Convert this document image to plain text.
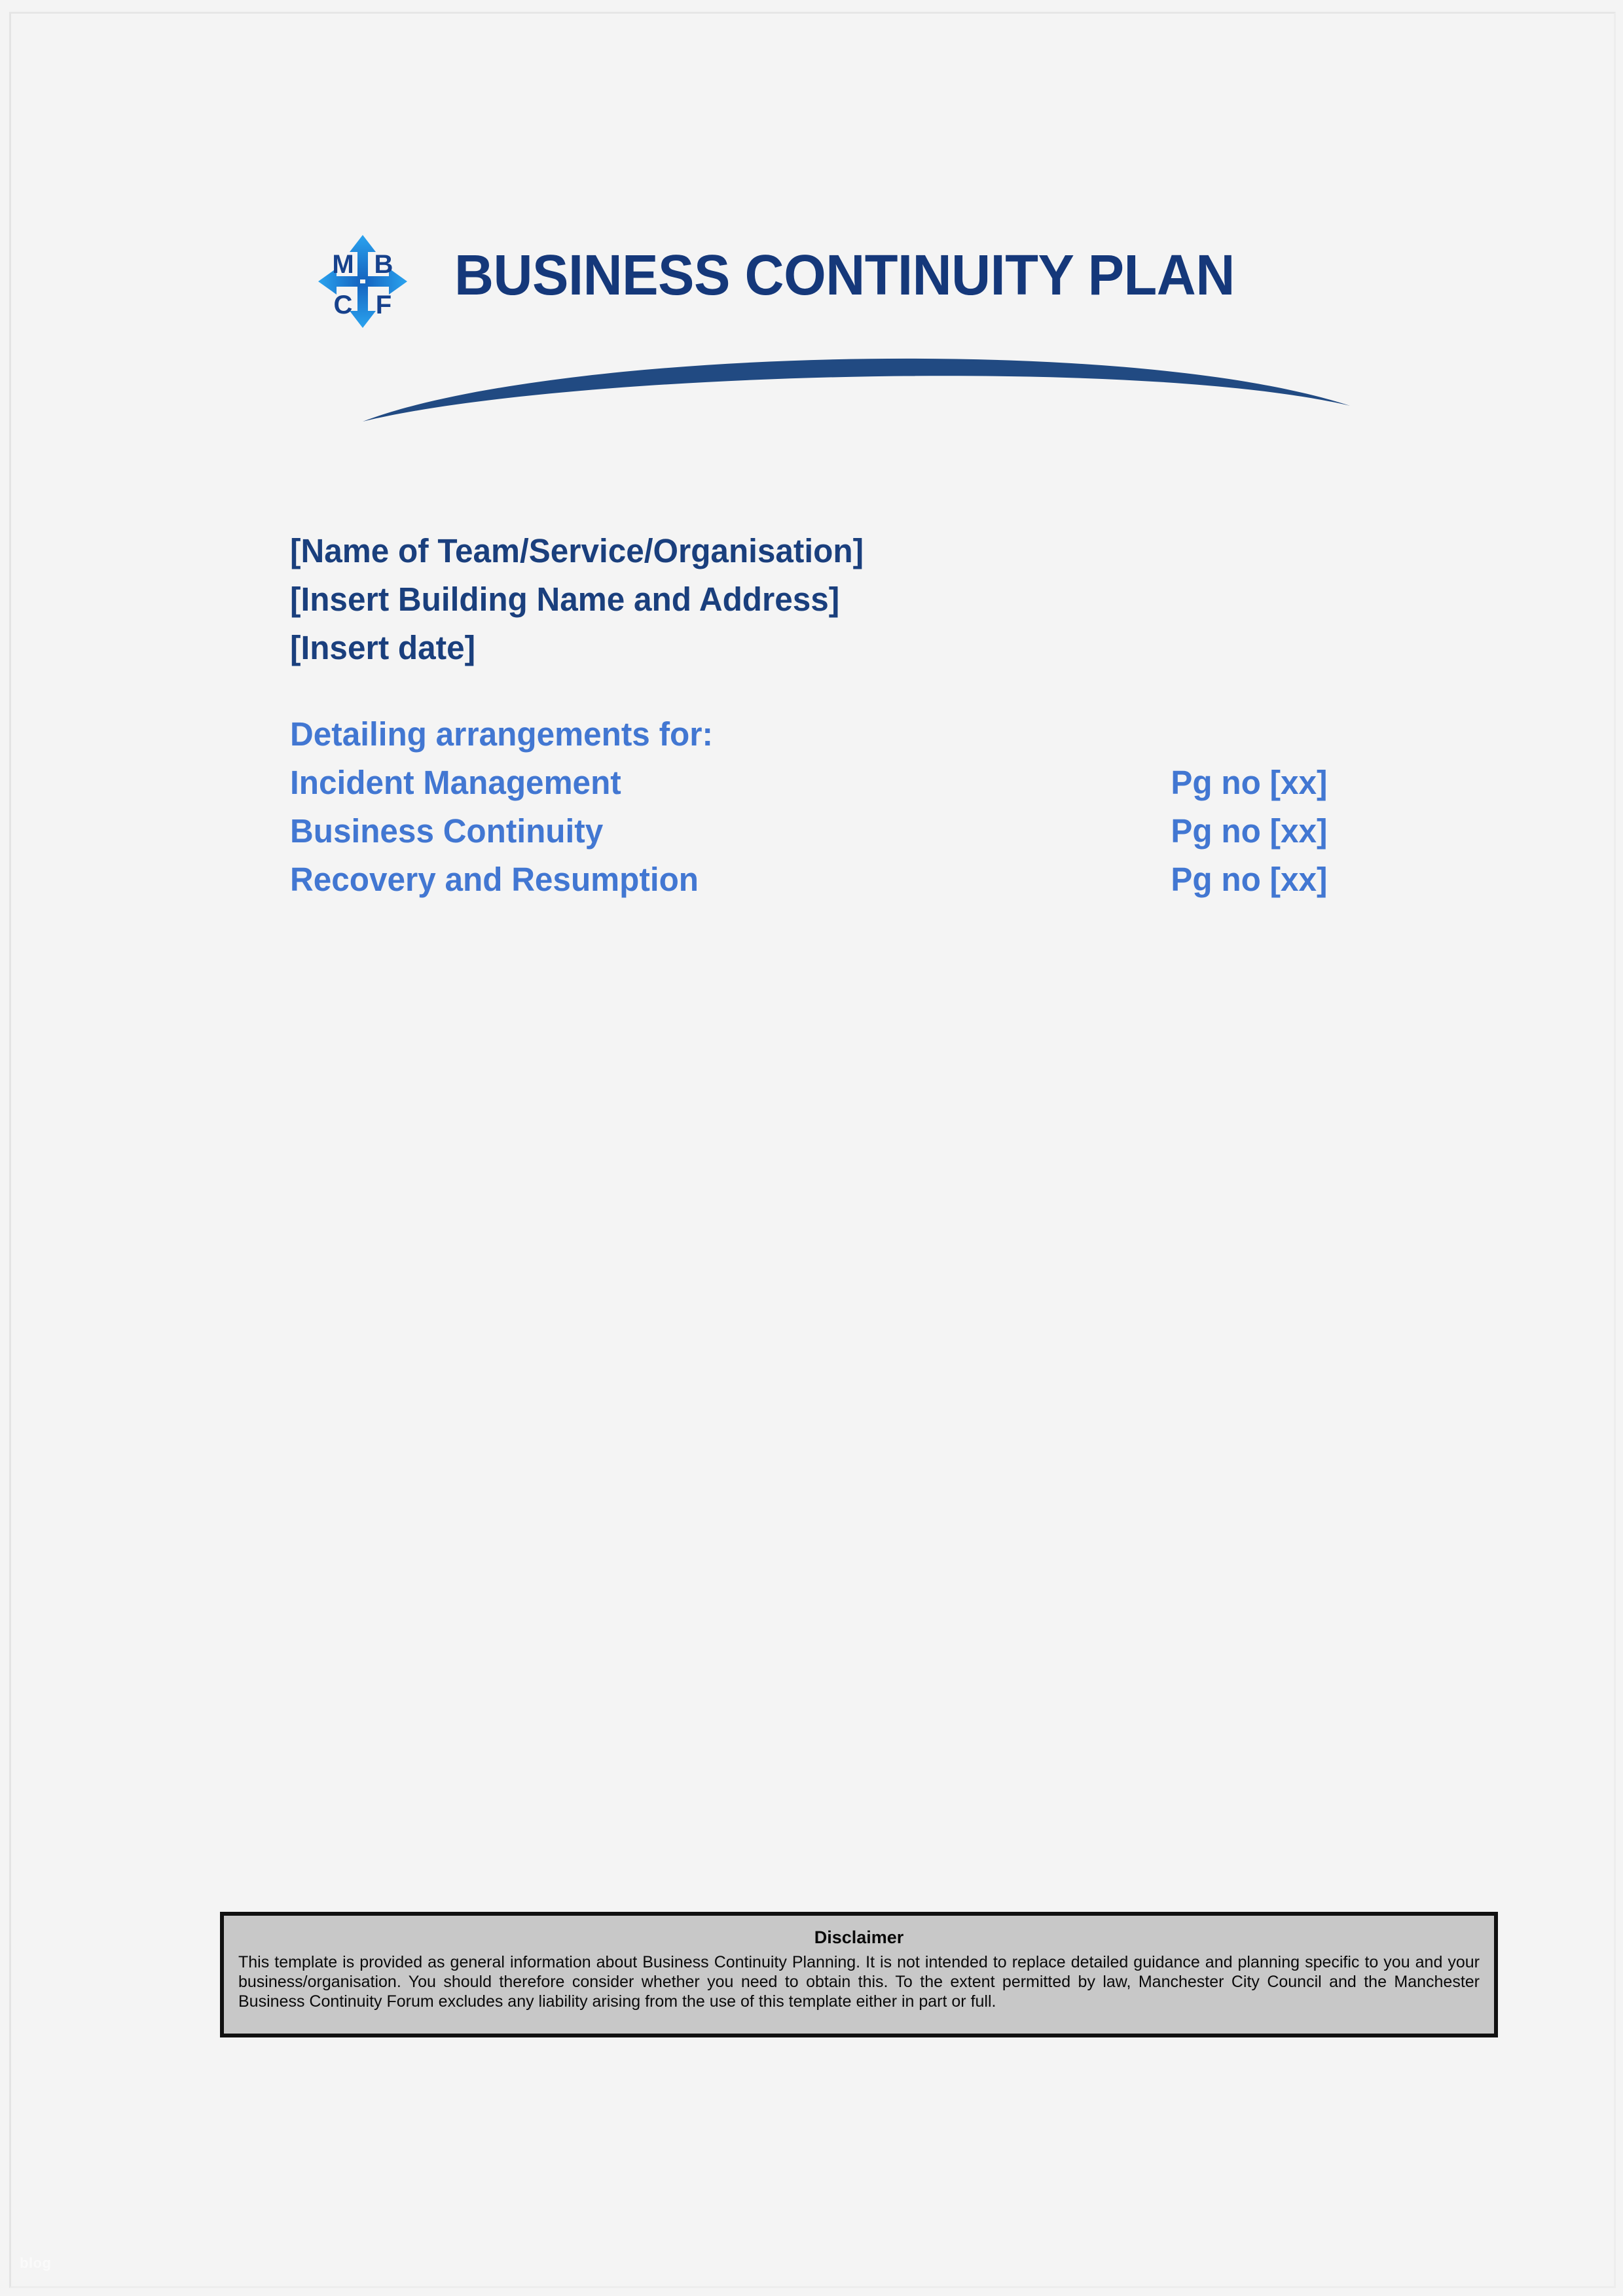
M B
C F BUSINESS CONTINUITY PLAN
[Name of Team/Service/Organisation]
[Insert Building Name and Address]
[Insert date]
Detailing arrangements for:
Incident Management	Pg no [xx]
Business Continuity	Pg no [xx]
Recovery and Resumption	Pg no [xx]
Disclaimer

This template is provided as general information about Business Continuity Planning. It is not intended to replace detailed guidance and planning specific to you and your business/organisation. You should therefore consider whether you need to obtain this. To the extent permitted by law, Manchester City Council and the Manchester Business Continuity Forum excludes any liability arising from the use of this template either in part or full.

blog
